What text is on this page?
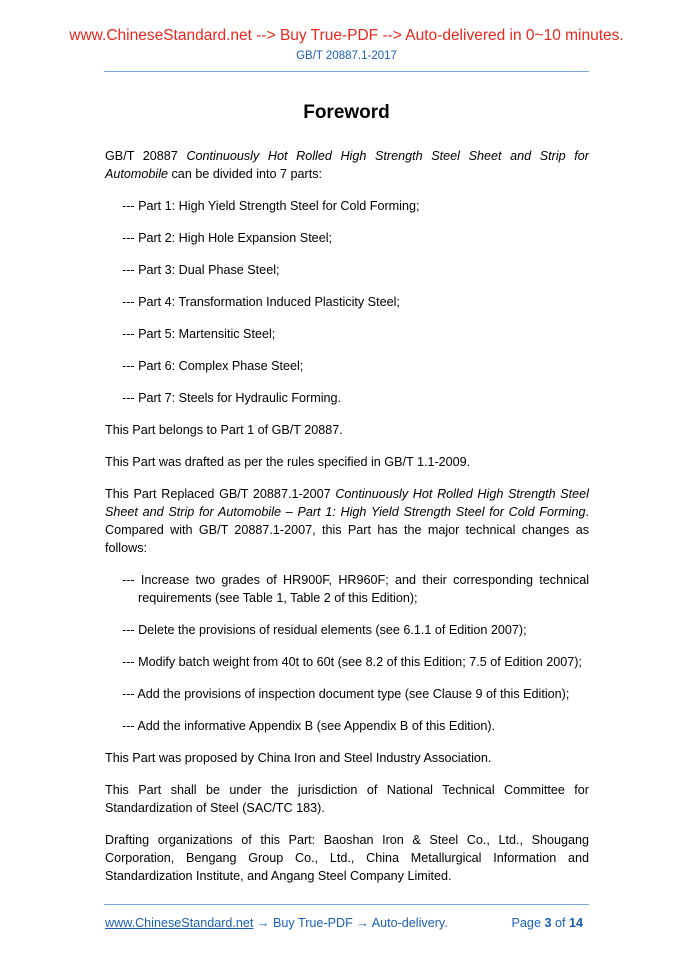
www.ChineseStandard.net --> Buy True-PDF --> Auto-delivered in 0~10 minutes.
GB/T 20887.1-2017
Foreword

GB/T 20887 Continuously Hot Rolled High Strength Steel Sheet and Strip for Automobile can be divided into 7 parts:

--- Part 1: High Yield Strength Steel for Cold Forming;
--- Part 2: High Hole Expansion Steel;
--- Part 3: Dual Phase Steel;
--- Part 4: Transformation Induced Plasticity Steel;
--- Part 5: Martensitic Steel;
--- Part 6: Complex Phase Steel;
--- Part 7: Steels for Hydraulic Forming.

This Part belongs to Part 1 of GB/T 20887.

This Part was drafted as per the rules specified in GB/T 1.1-2009.

This Part Replaced GB/T 20887.1-2007 Continuously Hot Rolled High Strength Steel Sheet and Strip for Automobile – Part 1: High Yield Strength Steel for Cold Forming. Compared with GB/T 20887.1-2007, this Part has the major technical changes as follows:

--- Increase two grades of HR900F, HR960F; and their corresponding technical requirements (see Table 1, Table 2 of this Edition);
--- Delete the provisions of residual elements (see 6.1.1 of Edition 2007);
--- Modify batch weight from 40t to 60t (see 8.2 of this Edition; 7.5 of Edition 2007);
--- Add the provisions of inspection document type (see Clause 9 of this Edition);
--- Add the informative Appendix B (see Appendix B of this Edition).

This Part was proposed by China Iron and Steel Industry Association.

This Part shall be under the jurisdiction of National Technical Committee for Standardization of Steel (SAC/TC 183).

Drafting organizations of this Part: Baoshan Iron & Steel Co., Ltd., Shougang Corporation, Bengang Group Co., Ltd., China Metallurgical Information and Standardization Institute, and Angang Steel Company Limited.

www.ChineseStandard.net → Buy True-PDF → Auto-delivery.	Page 3 of 14
